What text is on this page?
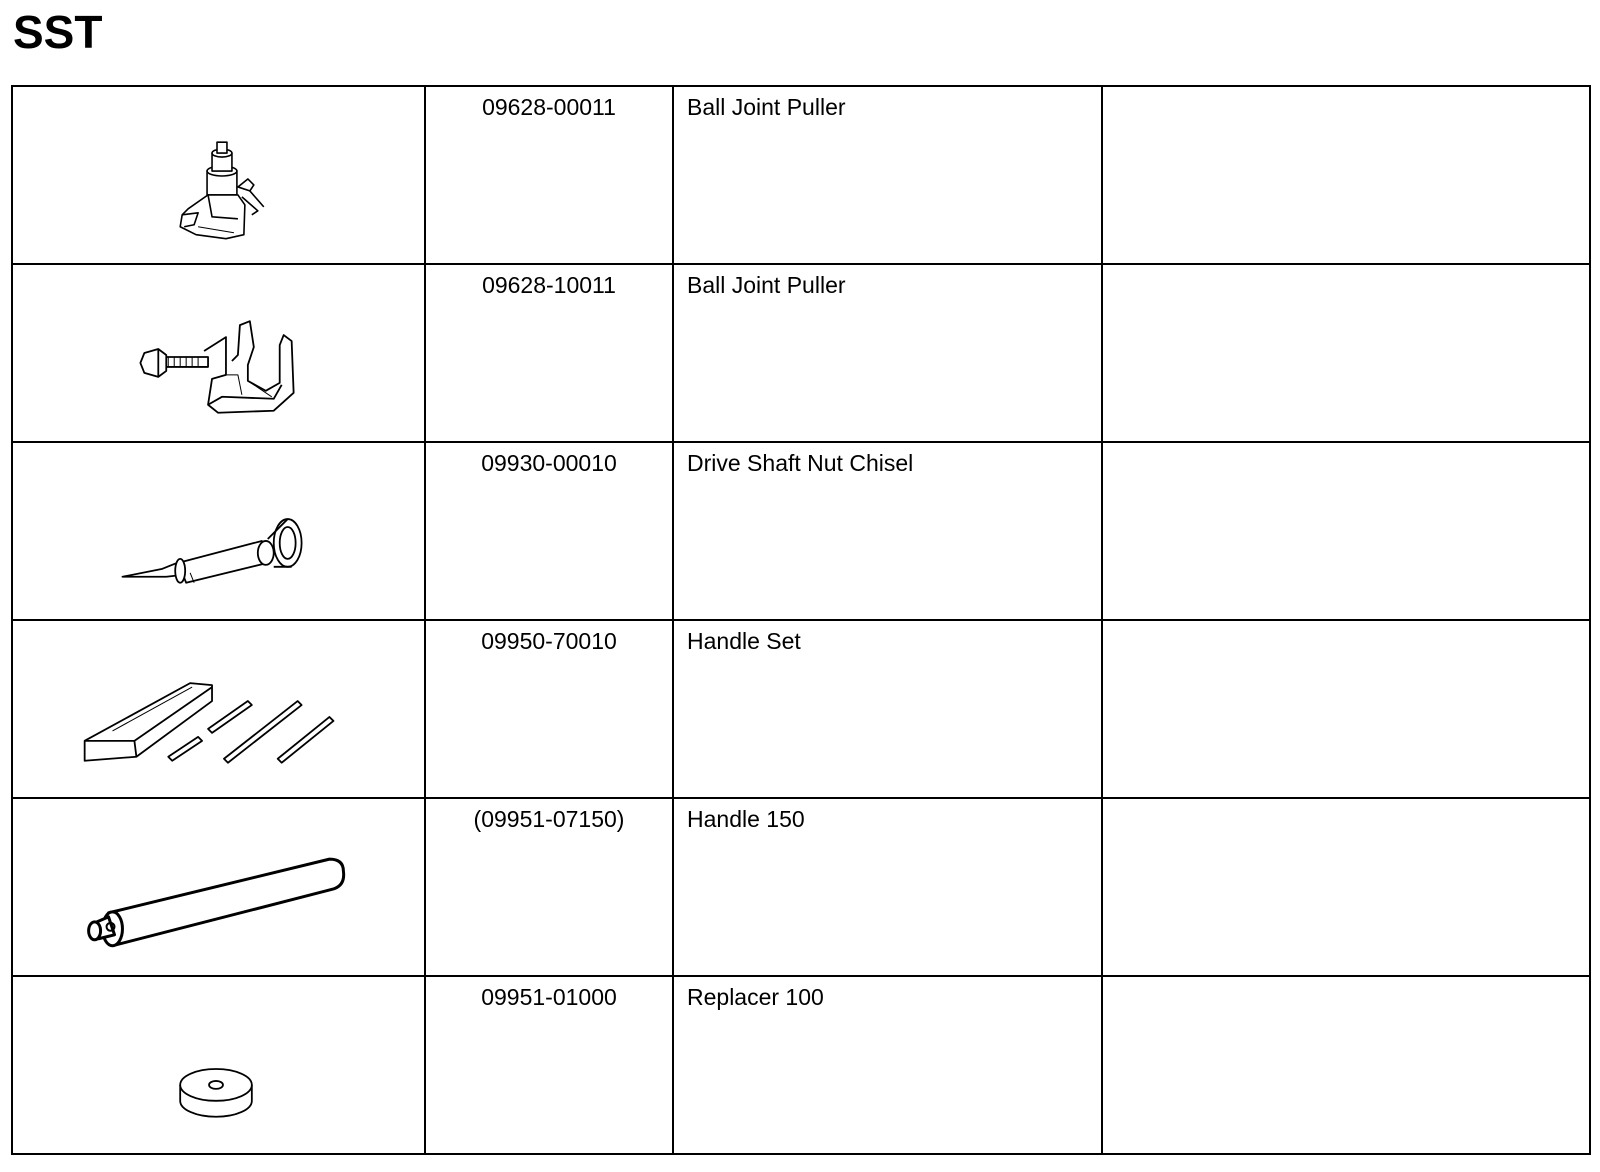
SST

09628-00011	Ball Joint Puller	

09628-10011	Ball Joint Puller	

09930-00010	Drive Shaft Nut Chisel	

09950-70010	Handle Set	

(09951-07150)	Handle 150	

09951-01000	Replacer 100	
